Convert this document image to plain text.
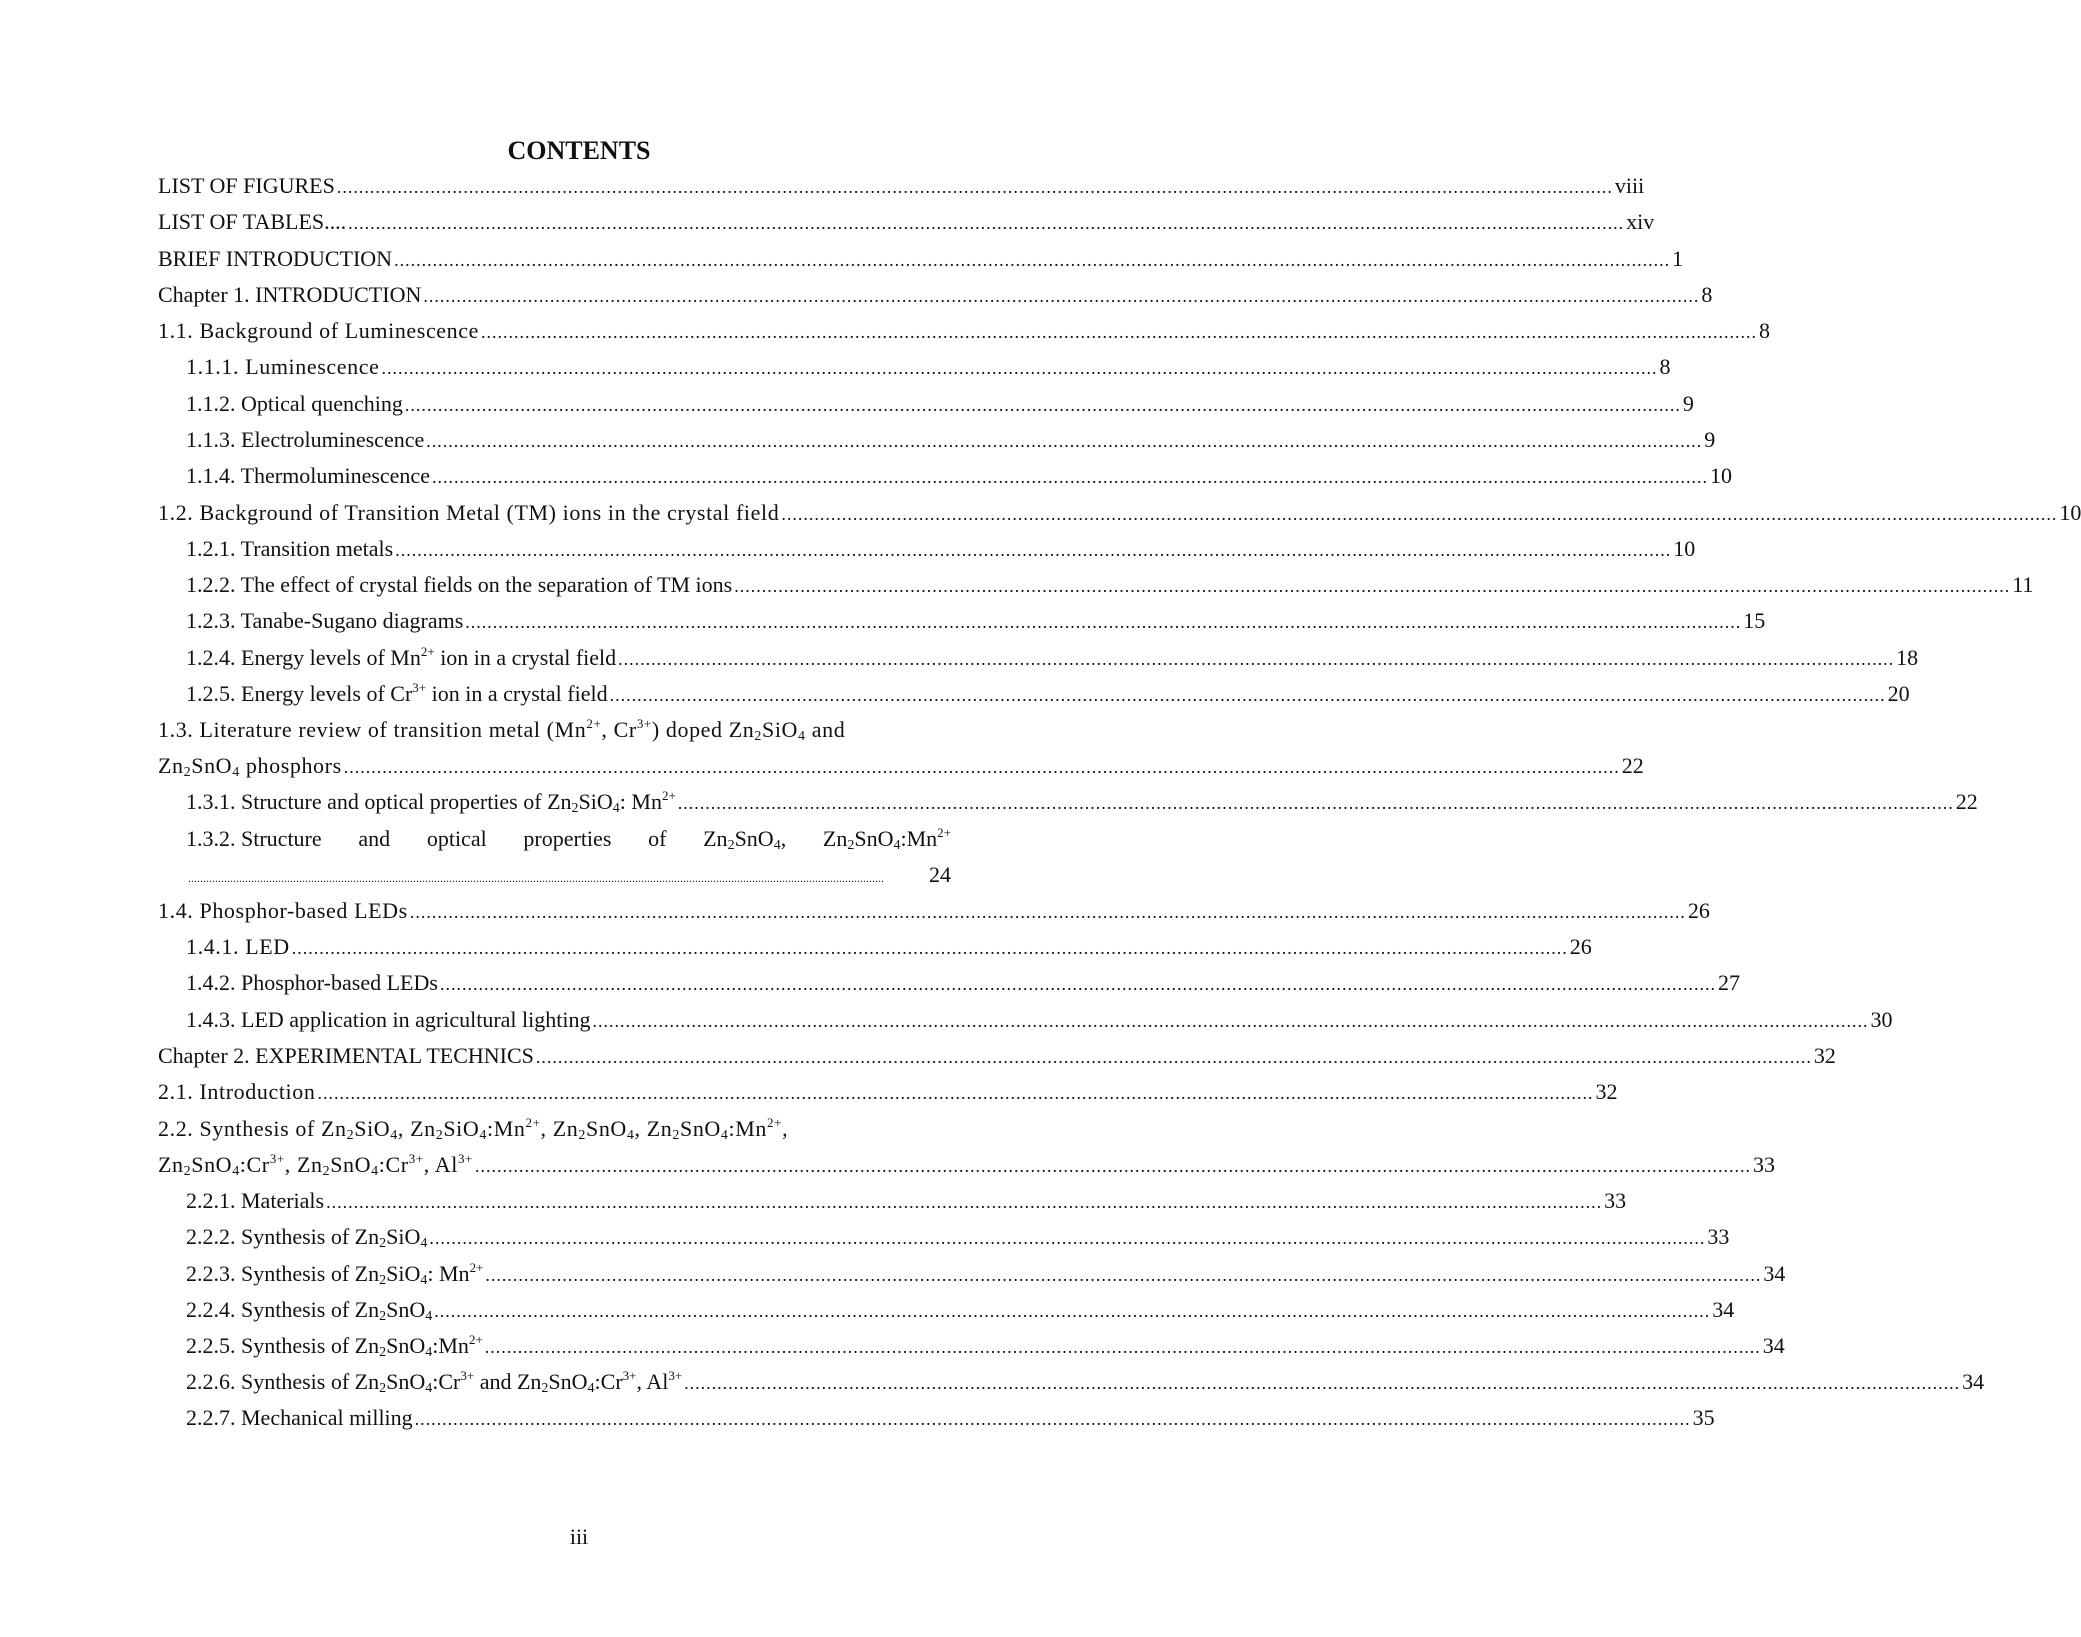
CONTENTS
LIST OF FIGURES ........................................................................................................................................................................................................................................ viii
LIST OF TABLES.... ........................................................................................................................................................................................................................................ xiv
BRIEF INTRODUCTION ........................................................................................................................................................................................................................................ 1
Chapter 1. INTRODUCTION ........................................................................................................................................................................................................................................ 8
1.1. Background of Luminescence ........................................................................................................................................................................................................................................ 8
1.1.1. Luminescence ........................................................................................................................................................................................................................................ 8
1.1.2. Optical quenching ........................................................................................................................................................................................................................................ 9
1.1.3. Electroluminescence ........................................................................................................................................................................................................................................ 9
1.1.4. Thermoluminescence ........................................................................................................................................................................................................................................ 10
1.2. Background of Transition Metal (TM) ions in the crystal field ........................................................................................................................................................................................................................................ 10
1.2.1. Transition metals ........................................................................................................................................................................................................................................ 10
1.2.2. The effect of crystal fields on the separation of TM ions ........................................................................................................................................................................................................................................ 11
1.2.3. Tanabe-Sugano diagrams ........................................................................................................................................................................................................................................ 15
1.2.4. Energy levels of $Mn^{2+}$ ion in a crystal field ........................................................................................................................................................................................................................................ 18
1.2.5. Energy levels of $Cr^{3+}$ ion in a crystal field ........................................................................................................................................................................................................................................ 20
1.3. Literature review of transition metal ($Mn^{2+}$, $Cr^{3+}$) doped $Zn_2SiO_4$ and
$Zn_2SnO_4$ phosphors ........................................................................................................................................................................................................................................ 22
1.3.1. Structure and optical properties of $Zn_2SiO_4$: $Mn^{2+}$ ........................................................................................................................................................................................................................................ 22
1.3.2. Structure and optical properties of $Zn_2SnO_4$, $Zn_2SnO_4:Mn^{2+}$
........................................................................................................................................................................................................................................	24
1.4. Phosphor-based LEDs ........................................................................................................................................................................................................................................ 26
1.4.1. LED ........................................................................................................................................................................................................................................ 26
1.4.2. Phosphor-based LEDs ........................................................................................................................................................................................................................................ 27
1.4.3. LED application in agricultural lighting ........................................................................................................................................................................................................................................ 30
Chapter 2. EXPERIMENTAL TECHNICS ........................................................................................................................................................................................................................................ 32
2.1. Introduction ........................................................................................................................................................................................................................................ 32
2.2. Synthesis of $Zn_2SiO_4$, $Zn_2SiO_4:Mn^{2+}$, $Zn_2SnO_4$, $Zn_2SnO_4:Mn^{2+}$,
$Zn_2SnO_4:Cr^{3+}$, $Zn_2SnO_4:Cr^{3+}$, $Al^{3+}$ ........................................................................................................................................................................................................................................ 33
2.2.1. Materials ........................................................................................................................................................................................................................................ 33
2.2.2. Synthesis of $Zn_2SiO_4$ ........................................................................................................................................................................................................................................ 33
2.2.3. Synthesis of $Zn_2SiO_4$: $Mn^{2+}$ ........................................................................................................................................................................................................................................ 34
2.2.4. Synthesis of $Zn_2SnO_4$ ........................................................................................................................................................................................................................................ 34
2.2.5. Synthesis of $Zn_2SnO_4:Mn^{2+}$ ........................................................................................................................................................................................................................................ 34
2.2.6. Synthesis of $Zn_2SnO_4:Cr^{3+}$ and $Zn_2SnO_4:Cr^{3+}$, $Al^{3+}$ ........................................................................................................................................................................................................................................ 34
2.2.7. Mechanical milling ........................................................................................................................................................................................................................................ 35
iii
